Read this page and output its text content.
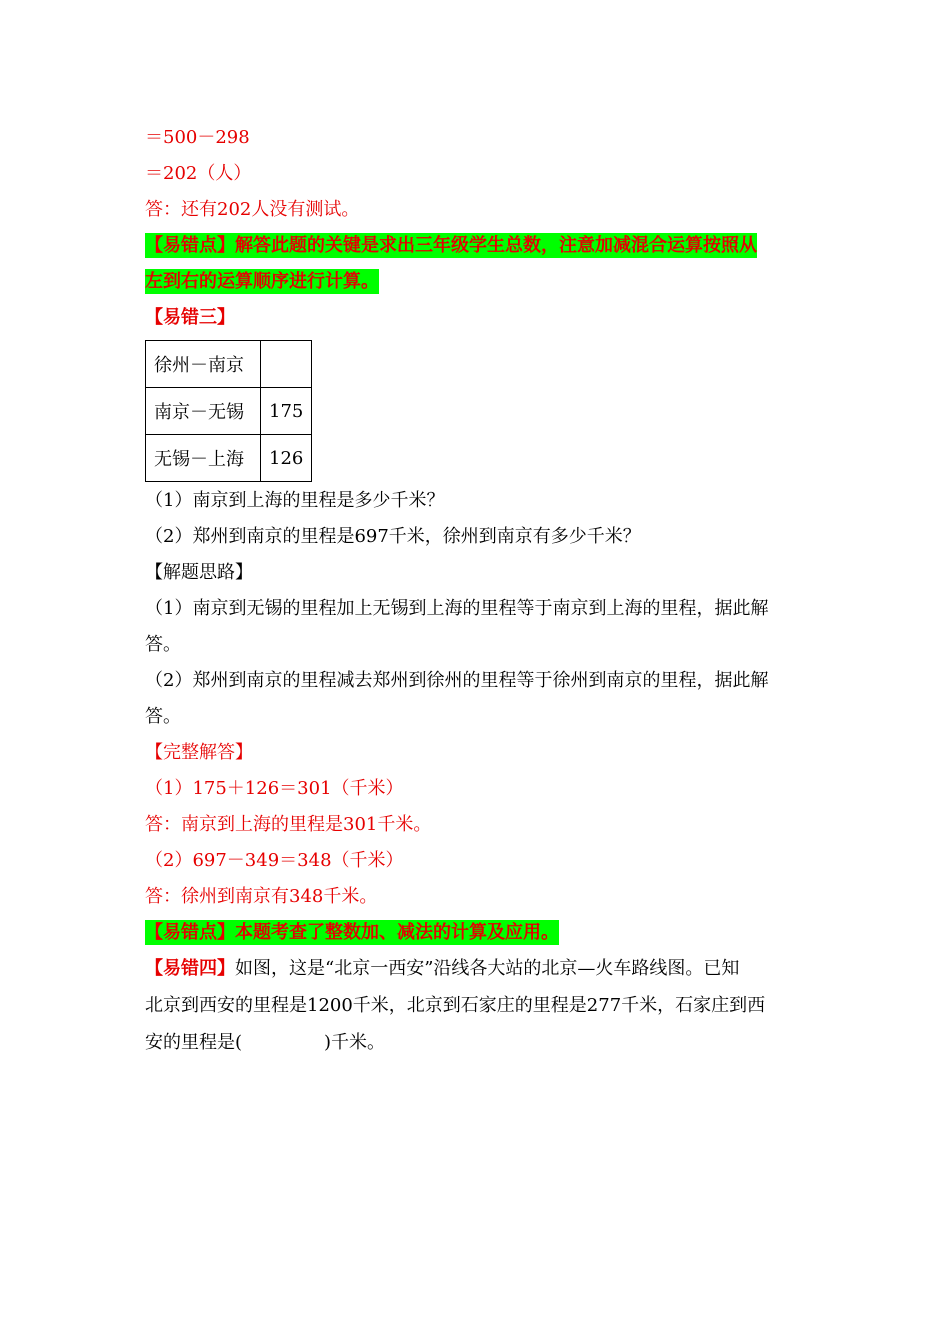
＝500－298
＝202（人）
答：还有202人没有测试。
【易错点】解答此题的关键是求出三年级学生总数，注意加减混合运算按照从
左到右的运算顺序进行计算。
【易错三】
徐州－南京	
南京－无锡	175
无锡－上海	126
（1）南京到上海的里程是多少千米？
（2）郑州到南京的里程是697千米，徐州到南京有多少千米？
【解题思路】
（1）南京到无锡的里程加上无锡到上海的里程等于南京到上海的里程，据此解
答。
（2）郑州到南京的里程减去郑州到徐州的里程等于徐州到南京的里程，据此解
答。
【完整解答】
（1）175＋126＝301（千米）
答：南京到上海的里程是301千米。
（2）697－349＝348（千米）
答：徐州到南京有348千米。
【易错点】本题考查了整数加、减法的计算及应用。
【易错四】如图，这是“北京一西安”沿线各大站的北京—火车路线图。已知
北京到西安的里程是1200千米，北京到石家庄的里程是277千米，石家庄到西
安的里程是(	)千米。
